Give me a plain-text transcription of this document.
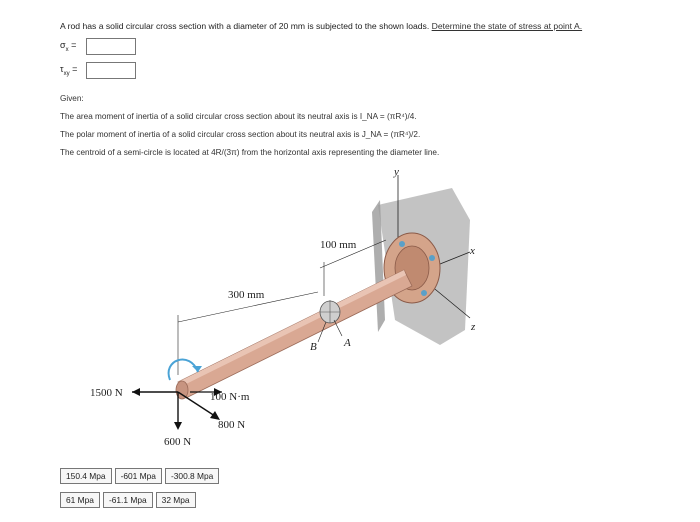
A rod has a solid circular cross section with a diameter of 20 mm is subjected to the shown loads. Determine the state of stress at point A.
$\sigma_x$ =
$\tau_{xy}$ =
Given:
The area moment of inertia of a solid circular cross section about its neutral axis is I_NA = (πR⁴)/4.
The polar moment of inertia of a solid circular cross section about its neutral axis is J_NA = (πR⁴)/2.
The centroid of a semi-circle is located at 4R/(3π) from the horizontal axis representing the diameter line.
y
x
z
B A
100 mm
300 mm
1500 N
600 N
800 N
100 N·m
150.4 Mpa	-601 Mpa	-300.8 Mpa
61 Mpa	-61.1 Mpa	32 Mpa
